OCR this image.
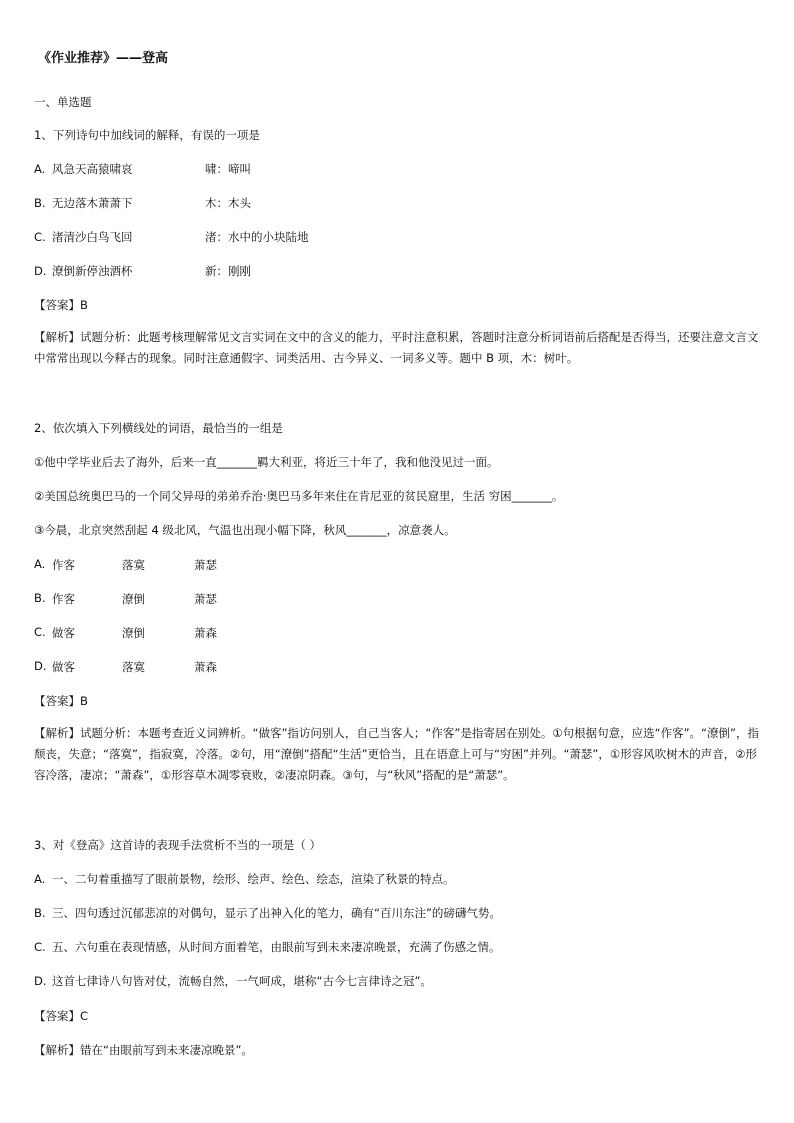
《作业推荐》——登高
一、单选题
1、下列诗句中加线词的解释，有误的一项是
A. 风急天高猿啸哀	啸：啼叫
B. 无边落木萧萧下	木：木头
C. 渚清沙白鸟飞回	渚：水中的小块陆地
D. 潦倒新停浊酒杯	新：刚刚
【答案】B
【解析】试题分析：此题考核理解常见文言实词在文中的含义的能力，平时注意积累，答题时注意分析词语前后搭配是否得当，还要注意文言文中常常出现以今释古的现象。同时注意通假字、词类活用、古今异义、一词多义等。题中 B 项，木：树叶。
2、依次填入下列横线处的词语，最恰当的一组是
①他中学毕业后去了海外，后来一直_______羁大利亚，将近三十年了，我和他没见过一面。
②美国总统奥巴马的一个同父异母的弟弟乔治·奥巴马多年来住在肯尼亚的贫民窟里，生活 穷困_______。
③今晨，北京突然刮起 4 级北风，气温也出现小幅下降，秋风_______，凉意袭人。
A. 作客	落寞	萧瑟
B. 作客	潦倒	萧瑟
C. 做客	潦倒	萧森
D. 做客	落寞	萧森
【答案】B
【解析】试题分析：本题考查近义词辨析。“做客”指访问别人，自己当客人；“作客”是指寄居在别处。①句根据句意，应选“作客”。“潦倒”，指颓丧，失意；“落寞”，指寂寞，冷落。②句，用“潦倒”搭配“生活”更恰当，且在语意上可与“穷困”并列。“萧瑟”，①形容风吹树木的声音，②形容冷落，凄凉；“萧森”，①形容草木凋零衰败，②凄凉阴森。③句，与“秋风”搭配的是“萧瑟”。
3、对《登高》这首诗的表现手法赏析不当的一项是（ ）
A. 一、二句着重描写了眼前景物，绘形、绘声、绘色、绘态，渲染了秋景的特点。
B. 三、四句透过沉郁悲凉的对偶句，显示了出神入化的笔力，确有“百川东注”的磅礴气势。
C. 五、六句重在表现情感，从时间方面着笔，由眼前写到未来凄凉晚景，充满了伤感之情。
D. 这首七律诗八句皆对仗，流畅自然，一气呵成，堪称“古今七言律诗之冠”。
【答案】C
【解析】错在“由眼前写到未来凄凉晚景”。
